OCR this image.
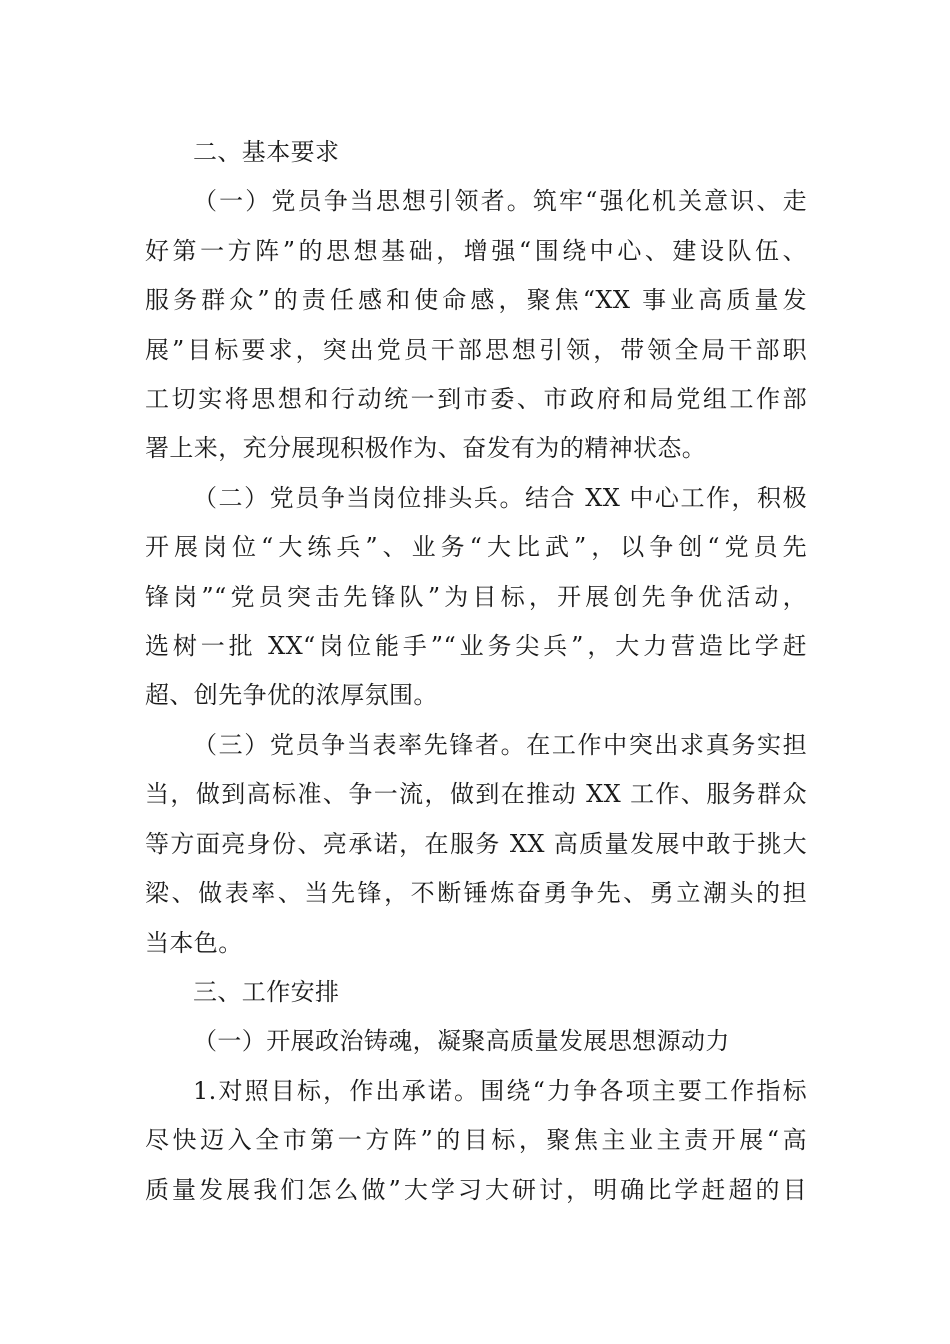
二、基本要求
（一）党员争当思想引领者。筑牢“强化机关意识、走
好第一方阵”的思想基础，增强“围绕中心、建设队伍、
服务群众”的责任感和使命感，聚焦“XX 事业高质量发
展”目标要求，突出党员干部思想引领，带领全局干部职
工切实将思想和行动统一到市委、市政府和局党组工作部
署上来，充分展现积极作为、奋发有为的精神状态。
（二）党员争当岗位排头兵。结合 XX 中心工作，积极
开展岗位“大练兵”、业务“大比武”，以争创“党员先
锋岗”“党员突击先锋队”为目标，开展创先争优活动，
选树一批 XX“岗位能手”“业务尖兵”，大力营造比学赶
超、创先争优的浓厚氛围。
（三）党员争当表率先锋者。在工作中突出求真务实担
当，做到高标准、争一流，做到在推动 XX 工作、服务群众
等方面亮身份、亮承诺，在服务 XX 高质量发展中敢于挑大
梁、做表率、当先锋，不断锤炼奋勇争先、勇立潮头的担
当本色。
三、工作安排
（一）开展政治铸魂，凝聚高质量发展思想源动力
1.对照目标，作出承诺。围绕“力争各项主要工作指标
尽快迈入全市第一方阵”的目标，聚焦主业主责开展“高
质量发展我们怎么做”大学习大研讨，明确比学赶超的目
